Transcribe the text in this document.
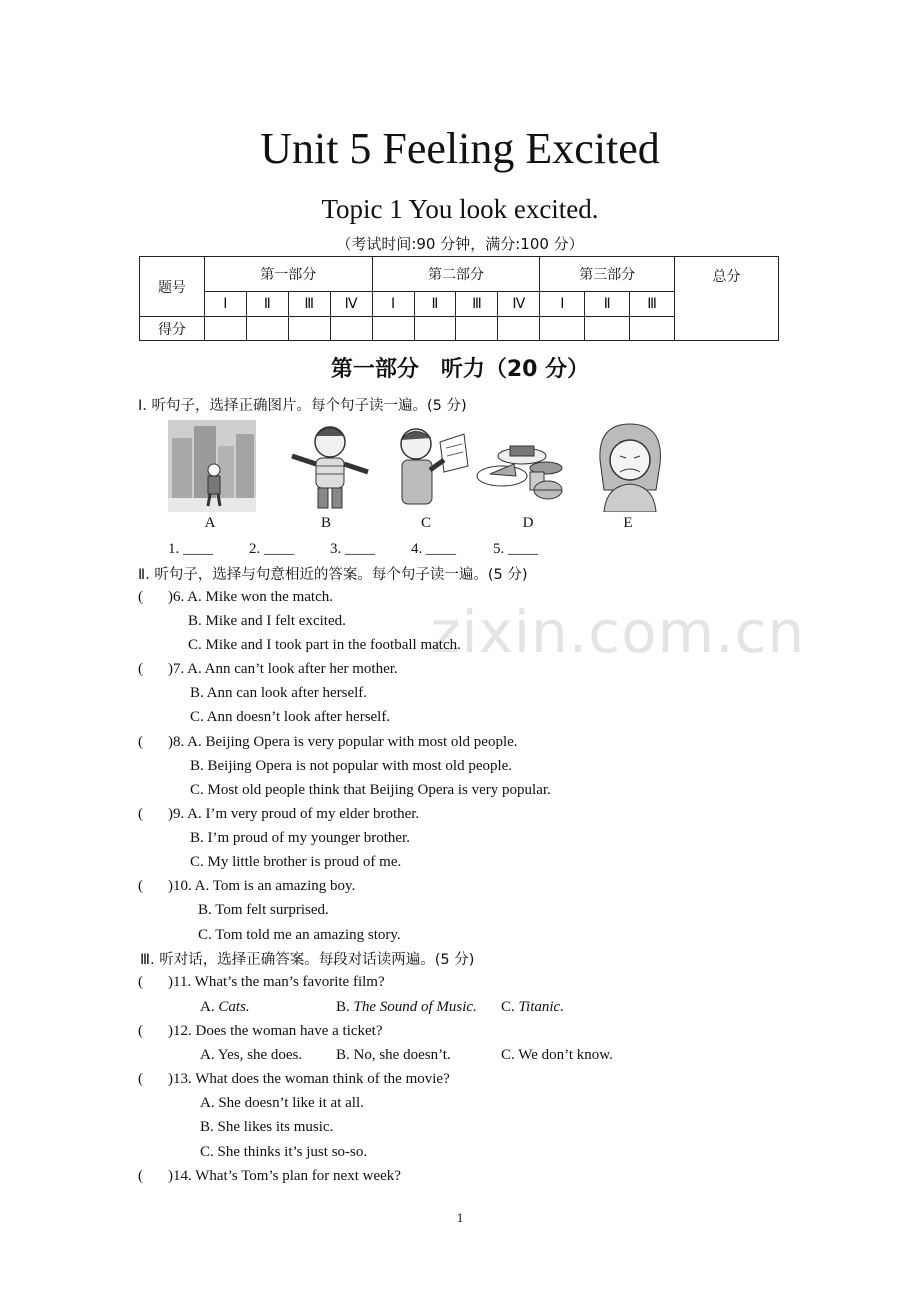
zixin.com.cn
Unit 5 Feeling Excited
Topic 1 You look excited.
（考试时间:90 分钟，满分:100 分）
题号	第一部分				第二部分				第三部分			总分
	Ⅰ	Ⅱ	Ⅲ	Ⅳ	Ⅰ	Ⅱ	Ⅲ	Ⅳ	Ⅰ	Ⅱ	Ⅲ	
得分												
第一部分　听力（20 分）
Ⅰ. 听句子，选择正确图片。每个句子读一遍。(5 分)
A	B	C	D	E
1. ____ 2. ____ 3. ____ 4. ____ 5. ____
Ⅱ. 听句子，选择与句意相近的答案。每个句子读一遍。(5 分)
( )6. A. Mike won the match.
B. Mike and I felt excited.
C. Mike and I took part in the football match.
( )7. A. Ann can’t look after her mother.
B. Ann can look after herself.
C. Ann doesn’t look after herself.
( )8. A. Beijing Opera is very popular with most old people.
B. Beijing Opera is not popular with most old people.
C. Most old people think that Beijing Opera is very popular.
( )9. A. I’m very proud of my elder brother.
B. I’m proud of my younger brother.
C. My little brother is proud of me.
( )10. A. Tom is an amazing boy.
B. Tom felt surprised.
C. Tom told me an amazing story.
Ⅲ. 听对话，选择正确答案。每段对话读两遍。(5 分)
( )11. What’s the man’s favorite film?
A. Cats.	B. The Sound of Music. C. Titanic.
( )12. Does the woman have a ticket?
A. Yes, she does. B. No, she doesn’t.	C. We don’t know.
( )13. What does the woman think of the movie?
A. She doesn’t like it at all.
B. She likes its music.
C. She thinks it’s just so-so.
( )14. What’s Tom’s plan for next week?
1
